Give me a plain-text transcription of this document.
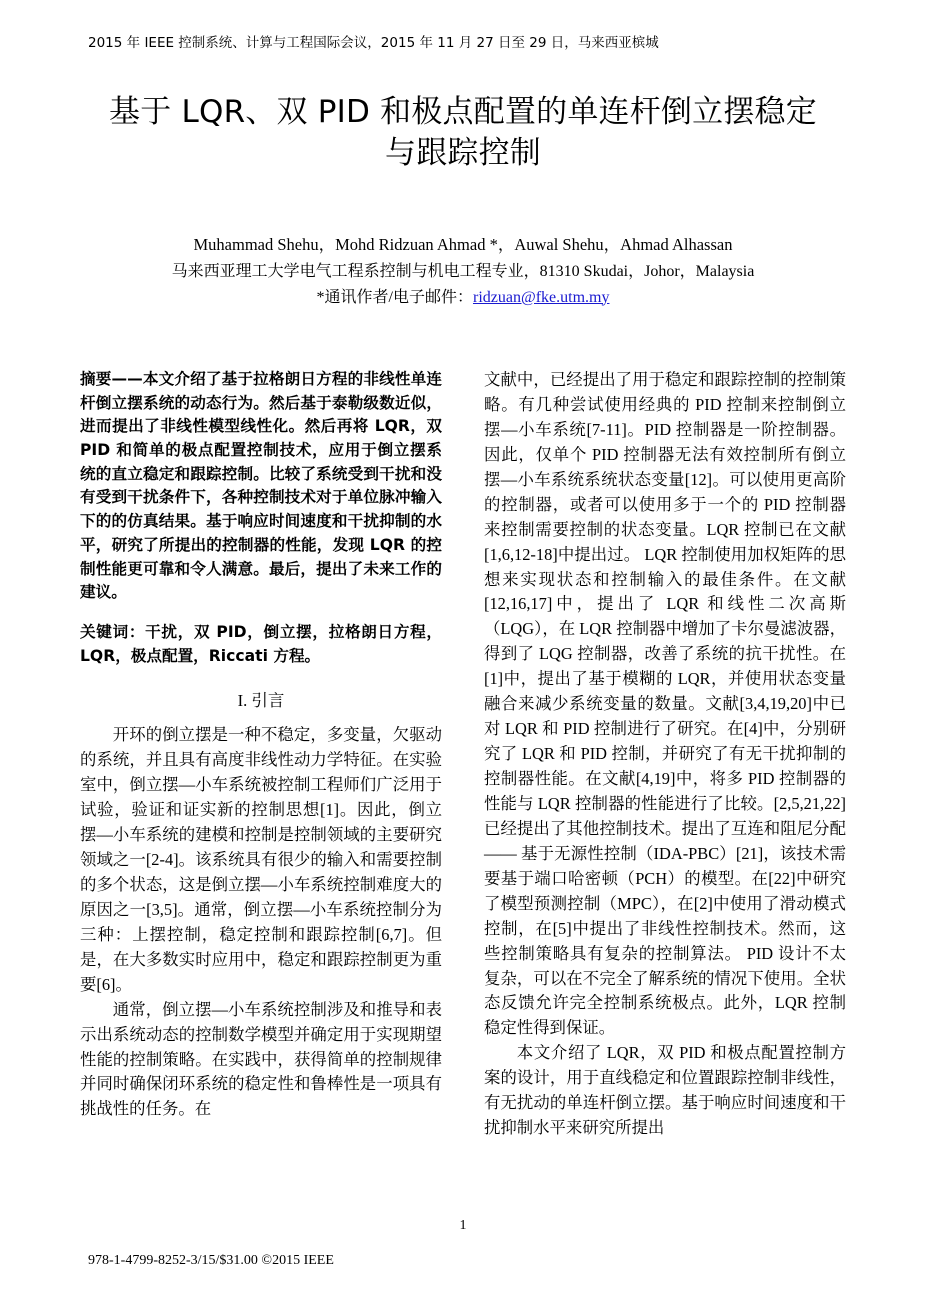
2015 年 IEEE 控制系统、计算与工程国际会议，2015 年 11 月 27 日至 29 日，马来西亚槟城
基于 LQR、双 PID 和极点配置的单连杆倒立摆稳定
与跟踪控制
Muhammad Shehu，Mohd Ridzuan Ahmad *，Auwal Shehu，Ahmad Alhassan
马来西亚理工大学电气工程系控制与机电工程专业，81310 Skudai，Johor，Malaysia
*通讯作者/电子邮件：ridzuan@fke.utm.my
摘要——本文介绍了基于拉格朗日方程的非线性单连杆倒立摆系统的动态行为。然后基于泰勒级数近似，进而提出了非线性模型线性化。然后再将 LQR，双 PID 和简单的极点配置控制技术，应用于倒立摆系统的直立稳定和跟踪控制。比较了系统受到干扰和没有受到干扰条件下，各种控制技术对于单位脉冲输入下的的仿真结果。基于响应时间速度和干扰抑制的水平，研究了所提出的控制器的性能，发现 LQR 的控制性能更可靠和令人满意。最后，提出了未来工作的建议。
关键词：干扰，双 PID，倒立摆，拉格朗日方程，LQR，极点配置，Riccati 方程。

I. 引言

开环的倒立摆是一种不稳定，多变量，欠驱动的系统，并且具有高度非线性动力学特征。在实验室中，倒立摆—小车系统被控制工程师们广泛用于试验，验证和证实新的控制思想[1]。因此，倒立摆—小车系统的建模和控制是控制领域的主要研究领域之一[2-4]。该系统具有很少的输入和需要控制的多个状态，这是倒立摆—小车系统控制难度大的原因之一[3,5]。通常，倒立摆—小车系统控制分为三种：上摆控制，稳定控制和跟踪控制[6,7]。但是，在大多数实时应用中，稳定和跟踪控制更为重要[6]。

通常，倒立摆—小车系统控制涉及和推导和表示出系统动态的控制数学模型并确定用于实现期望性能的控制策略。在实践中，获得简单的控制规律并同时确保闭环系统的稳定性和鲁棒性是一项具有挑战性的任务。在

文献中，已经提出了用于稳定和跟踪控制的控制策略。有几种尝试使用经典的 PID 控制来控制倒立摆—小车系统[7-11]。PID 控制器是一阶控制器。因此，仅单个 PID 控制器无法有效控制所有倒立摆—小车系统系统状态变量[12]。可以使用更高阶的控制器，或者可以使用多于一个的 PID 控制器来控制需要控制的状态变量。LQR 控制已在文献[1,6,12-18]中提出过。 LQR 控制使用加权矩阵的思想来实现状态和控制输入的最佳条件。在文献[12,16,17]中，提出了 LQR 和线性二次高斯（LQG），在 LQR 控制器中增加了卡尔曼滤波器，得到了 LQG 控制器，改善了系统的抗干扰性。在[1]中，提出了基于模糊的 LQR，并使用状态变量融合来减少系统变量的数量。文献[3,4,19,20]中已对 LQR 和 PID 控制进行了研究。在[4]中，分别研究了 LQR 和 PID 控制，并研究了有无干扰抑制的控制器性能。在文献[4,19]中，将多 PID 控制器的性能与 LQR 控制器的性能进行了比较。[2,5,21,22]已经提出了其他控制技术。提出了互连和阻尼分配—— 基于无源性控制（IDA-PBC）[21]，该技术需要基于端口哈密顿（PCH）的模型。在[22]中研究了模型预测控制（MPC），在[2]中使用了滑动模式控制，在[5]中提出了非线性控制技术。然而，这些控制策略具有复杂的控制算法。 PID 设计不太复杂，可以在不完全了解系统的情况下使用。全状态反馈允许完全控制系统极点。此外，LQR 控制稳定性得到保证。

本文介绍了 LQR，双 PID 和极点配置控制方案的设计，用于直线稳定和位置跟踪控制非线性，有无扰动的单连杆倒立摆。基于响应时间速度和干扰抑制水平来研究所提出

1
978-1-4799-8252-3/15/$31.00 ©2015 IEEE
